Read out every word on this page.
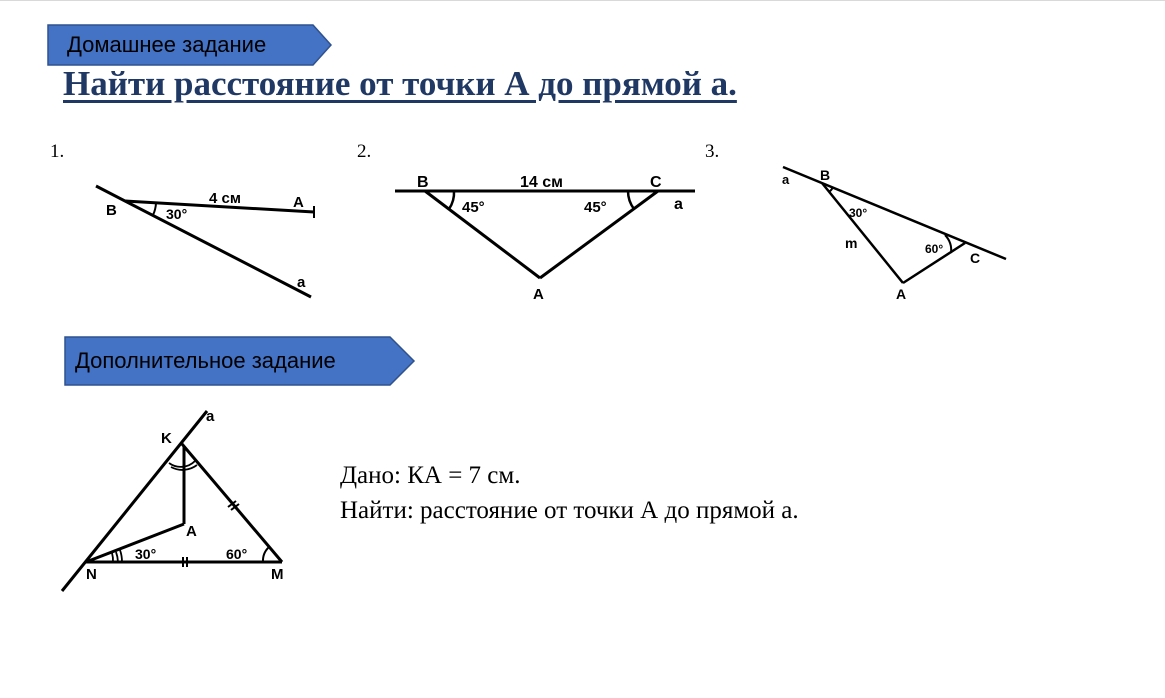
Домашнее задание
Найти расстояние от точки А до прямой а.
1.	2.	3.
B
4 см	A
30°
a
B	14 см	C
a
45°	45°
A
a B
30°
m	60°
C
A
Дополнительное задание
K
a
A
30°	60°
N	M
Дано: КА = 7 см.
Найти: расстояние от точки А до прямой а.
